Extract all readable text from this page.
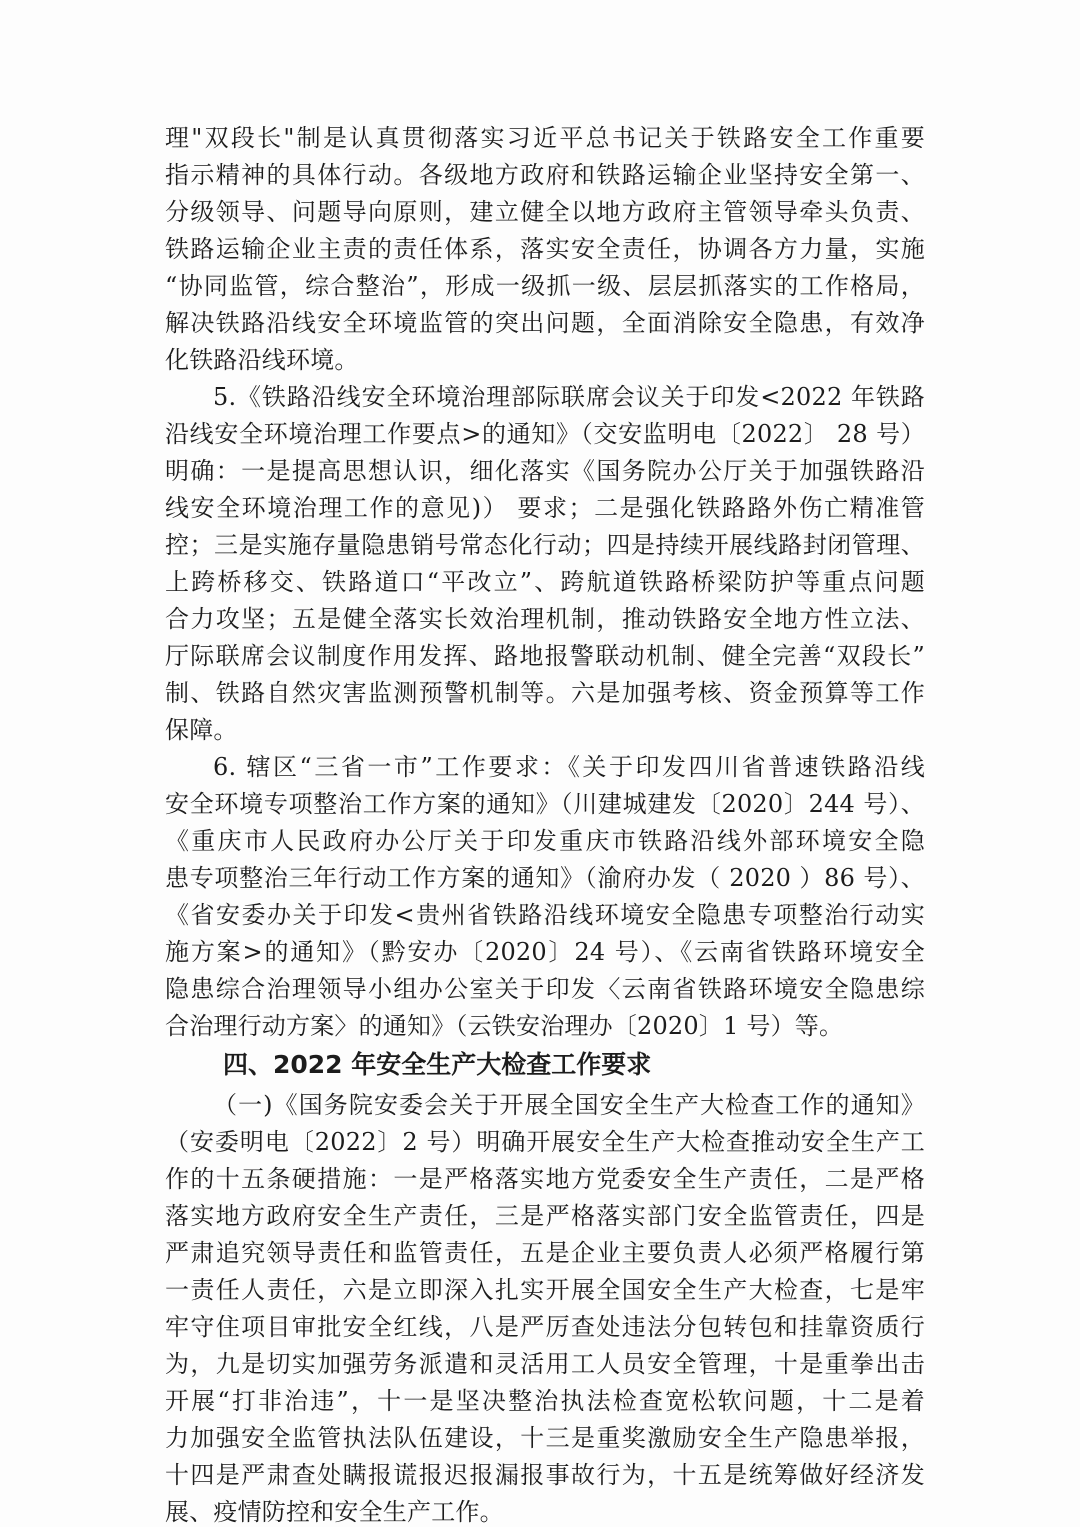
理"双段长"制是认真贯彻落实习近平总书记关于铁路安全工作重要
指示精神的具体行动。各级地方政府和铁路运输企业坚持安全第一、
分级领导、问题导向原则，建立健全以地方政府主管领导牵头负责、
铁路运输企业主责的责任体系，落实安全责任，协调各方力量，实施
“协同监管，综合整治”，形成一级抓一级、层层抓落实的工作格局，
解决铁路沿线安全环境监管的突出问题，全面消除安全隐患，有效净
化铁路沿线环境。
5.《铁路沿线安全环境治理部际联席会议关于印发<2022 年铁路
沿线安全环境治理工作要点>的通知》（交安监明电〔2022〕 28 号）
明确：一是提高思想认识，细化落实《国务院办公厅关于加强铁路沿
线安全环境治理工作的意见)） 要求；二是强化铁路路外伤亡精准管
控；三是实施存量隐患销号常态化行动；四是持续开展线路封闭管理、
上跨桥移交、铁路道口“平改立”、跨航道铁路桥梁防护等重点问题
合力攻坚；五是健全落实长效治理机制，推动铁路安全地方性立法、
厅际联席会议制度作用发挥、路地报警联动机制、健全完善“双段长”
制、铁路自然灾害监测预警机制等。六是加强考核、资金预算等工作
保障。
6. 辖区“三省一市”工作要求：《关于印发四川省普速铁路沿线
安全环境专项整治工作方案的通知》（川建城建发〔2020〕244 号）、
《重庆市人民政府办公厅关于印发重庆市铁路沿线外部环境安全隐
患专项整治三年行动工作方案的通知》（渝府办发（ 2020 ）86 号）、
《省安委办关于印发<贵州省铁路沿线环境安全隐患专项整治行动实
施方案>的通知》（黔安办〔2020〕24 号）、《云南省铁路环境安全
隐患综合治理领导小组办公室关于印发〈云南省铁路环境安全隐患综
合治理行动方案〉的通知》（云铁安治理办〔2020〕1 号）等。
四、2022 年安全生产大检查工作要求
（一)《国务院安委会关于开展全国安全生产大检查工作的通知》
（安委明电〔2022〕2 号）明确开展安全生产大检查推动安全生产工
作的十五条硬措施：一是严格落实地方党委安全生产责任，二是严格
落实地方政府安全生产责任，三是严格落实部门安全监管责任，四是
严肃追究领导责任和监管责任，五是企业主要负责人必须严格履行第
一责任人责任，六是立即深入扎实开展全国安全生产大检查，七是牢
牢守住项目审批安全红线，八是严厉查处违法分包转包和挂靠资质行
为，九是切实加强劳务派遣和灵活用工人员安全管理，十是重拳出击
开展“打非治违”，十一是坚决整治执法检查宽松软问题，十二是着
力加强安全监管执法队伍建设，十三是重奖激励安全生产隐患举报，
十四是严肃查处瞒报谎报迟报漏报事故行为，十五是统筹做好经济发
展、疫情防控和安全生产工作。
